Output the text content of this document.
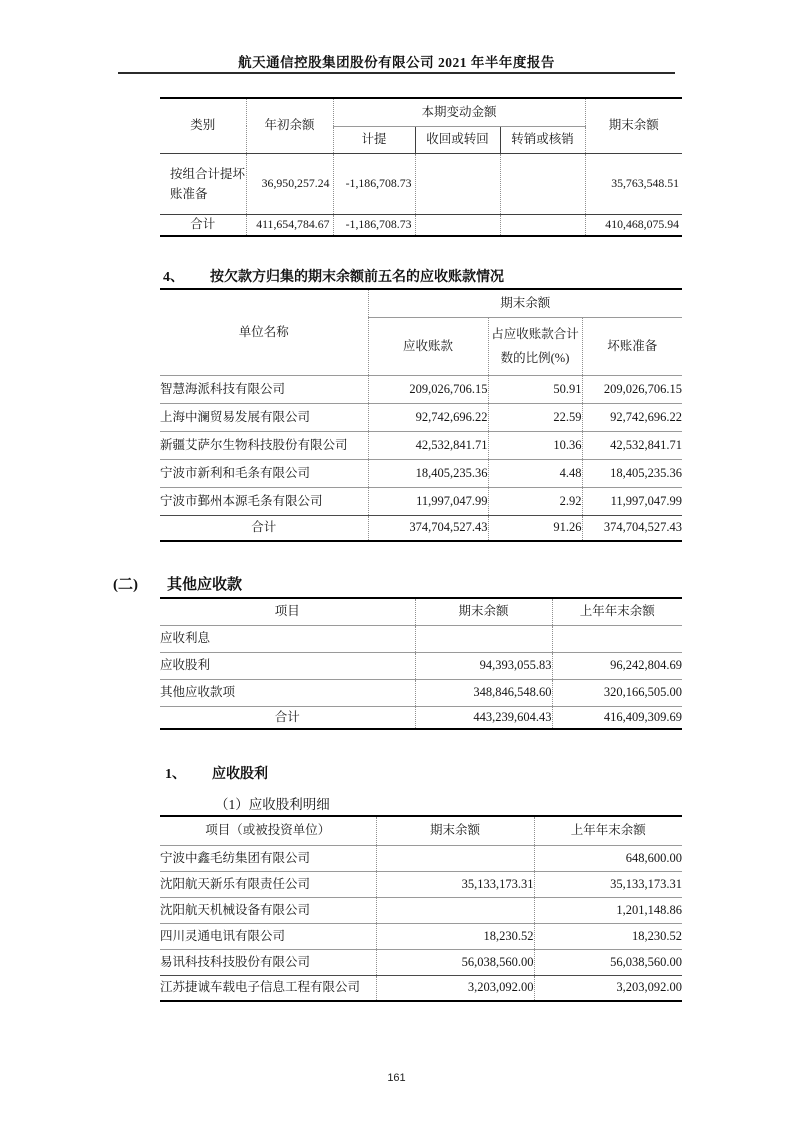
航天通信控股集团股份有限公司 2021 年半年度报告
类别	年初余额	本期变动金额			期末余额
		计提	收回或转回	转销或核销	
按组合计提坏账准备	36,950,257.24	-1,186,708.73			35,763,548.51
合计	411,654,784.67	-1,186,708.73			410,468,075.94
4、 按欠款方归集的期末余额前五名的应收账款情况
单位名称	期末余额		
	应收账款	占应收账款合计数的比例(%)	坏账准备
智慧海派科技有限公司	209,026,706.15	50.91	209,026,706.15
上海中澜贸易发展有限公司	92,742,696.22	22.59	92,742,696.22
新疆艾萨尔生物科技股份有限公司	42,532,841.71	10.36	42,532,841.71
宁波市新利和毛条有限公司	18,405,235.36	4.48	18,405,235.36
宁波市鄞州本源毛条有限公司	11,997,047.99	2.92	11,997,047.99
合计	374,704,527.43	91.26	374,704,527.43
(二) 其他应收款
项目	期末余额	上年年末余额
应收利息		
应收股利	94,393,055.83	96,242,804.69
其他应收款项	348,846,548.60	320,166,505.00
合计	443,239,604.43	416,409,309.69
1、 应收股利
（1）应收股利明细
项目（或被投资单位）	期末余额	上年年末余额
宁波中鑫毛纺集团有限公司		648,600.00
沈阳航天新乐有限责任公司	35,133,173.31	35,133,173.31
沈阳航天机械设备有限公司		1,201,148.86
四川灵通电讯有限公司	18,230.52	18,230.52
易讯科技科技股份有限公司	56,038,560.00	56,038,560.00
江苏捷诚车载电子信息工程有限公司	3,203,092.00	3,203,092.00
161
